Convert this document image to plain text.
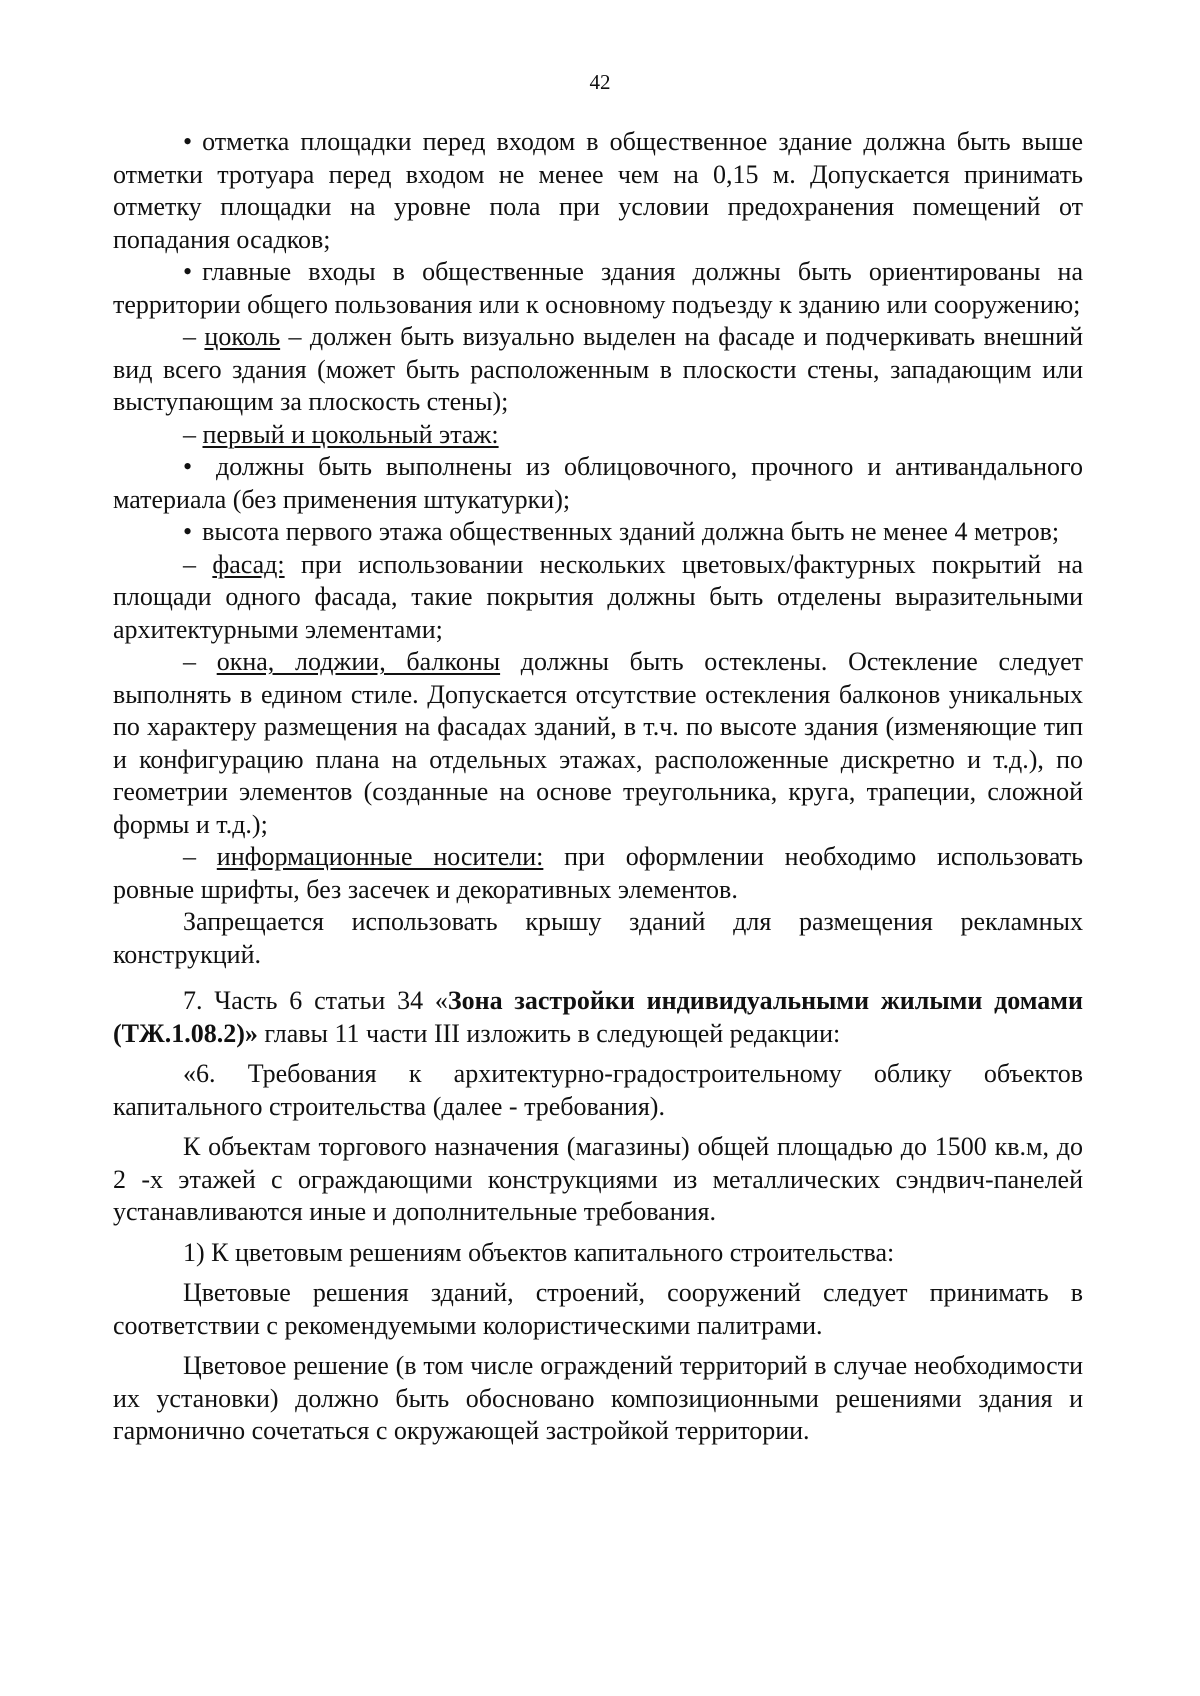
42

• отметка площадки перед входом в общественное здание должна быть выше отметки тротуара перед входом не менее чем на 0,15 м. Допускается принимать отметку площадки на уровне пола при условии предохранения помещений от попадания осадков;

• главные входы в общественные здания должны быть ориентированы на территории общего пользования или к основному подъезду к зданию или сооружению;

– цоколь – должен быть визуально выделен на фасаде и подчеркивать внешний вид всего здания (может быть расположенным в плоскости стены, западающим или выступающим за плоскость стены);

– первый и цокольный этаж:

• должны быть выполнены из облицовочного, прочного и антивандального материала (без применения штукатурки);

• высота первого этажа общественных зданий должна быть не менее 4 метров;

– фасад: при использовании нескольких цветовых/фактурных покрытий на площади одного фасада, такие покрытия должны быть отделены выразительными архитектурными элементами;

– окна, лоджии, балконы должны быть остеклены. Остекление следует выполнять в едином стиле. Допускается отсутствие остекления балконов уникальных по характеру размещения на фасадах зданий, в т.ч. по высоте здания (изменяющие тип и конфигурацию плана на отдельных этажах, расположенные дискретно и т.д.), по геометрии элементов (созданные на основе треугольника, круга, трапеции, сложной формы и т.д.);

– информационные носители: при оформлении необходимо использовать ровные шрифты, без засечек и декоративных элементов.

Запрещается использовать крышу зданий для размещения рекламных конструкций.

7. Часть 6 статьи 34 «Зона застройки индивидуальными жилыми домами (ТЖ.1.08.2)» главы 11 части III изложить в следующей редакции:

«6. Требования к архитектурно-градостроительному облику объектов капитального строительства (далее - требования).

К объектам торгового назначения (магазины) общей площадью до 1500 кв.м, до 2 -х этажей с ограждающими конструкциями из металлических сэндвич-панелей устанавливаются иные и дополнительные требования.

1) К цветовым решениям объектов капитального строительства:

Цветовые решения зданий, строений, сооружений следует принимать в соответствии с рекомендуемыми колористическими палитрами.

Цветовое решение (в том числе ограждений территорий в случае необходимости их установки) должно быть обосновано композиционными решениями здания и гармонично сочетаться с окружающей застройкой территории.
